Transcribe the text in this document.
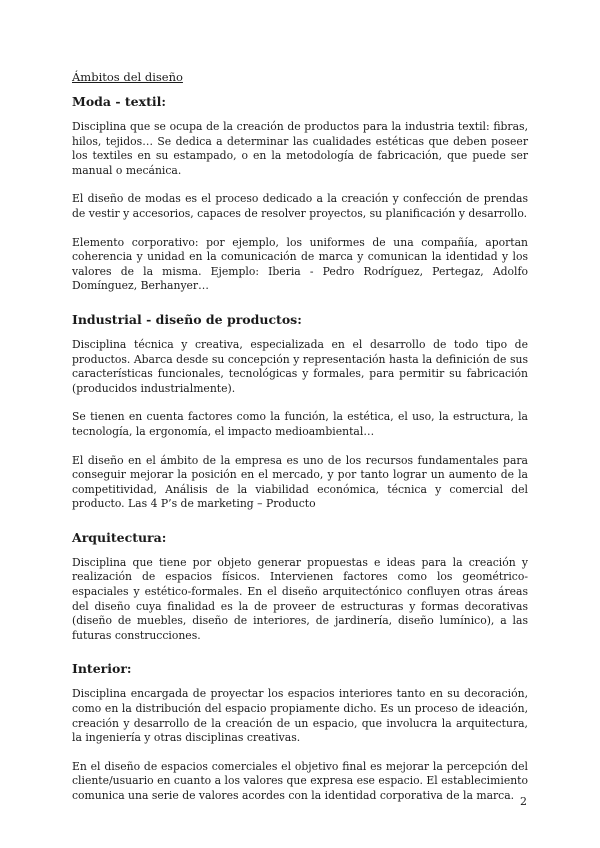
Ámbitos del diseño
Moda - textil:

Disciplina que se ocupa de la creación de productos para la industria textil: fibras, hilos, tejidos… Se dedica a determinar las cualidades estéticas que deben poseer los textiles en su estampado, o en la metodología de fabricación, que puede ser manual o mecánica.

El diseño de modas es el proceso dedicado a la creación y confección de prendas de vestir y accesorios, capaces de resolver proyectos, su planificación y desarrollo.

Elemento corporativo: por ejemplo, los uniformes de una compañía, aportan coherencia y unidad en la comunicación de marca y comunican la identidad y los valores de la misma. Ejemplo: Iberia - Pedro Rodríguez, Pertegaz, Adolfo Domínguez, Berhanyer…

Industrial - diseño de productos:

Disciplina técnica y creativa, especializada en el desarrollo de todo tipo de productos. Abarca desde su concepción y representación hasta la definición de sus características funcionales, tecnológicas y formales, para permitir su fabricación (producidos industrialmente).

Se tienen en cuenta factores como la función, la estética, el uso, la estructura, la tecnología, la ergonomía, el impacto medioambiental…

El diseño en el ámbito de la empresa es uno de los recursos fundamentales para conseguir mejorar la posición en el mercado, y por tanto lograr un aumento de la competitividad, Análisis de la viabilidad económica, técnica y comercial del producto. Las 4 P’s de marketing – Producto

Arquitectura:

Disciplina que tiene por objeto generar propuestas e ideas para la creación y realización de espacios físicos. Intervienen factores como los geométrico-espaciales y estético-formales. En el diseño arquitectónico confluyen otras áreas del diseño cuya finalidad es la de proveer de estructuras y formas decorativas (diseño de muebles, diseño de interiores, de jardinería, diseño lumínico), a las futuras construcciones.

Interior:

Disciplina encargada de proyectar los espacios interiores tanto en su decoración, como en la distribución del espacio propiamente dicho. Es un proceso de ideación, creación y desarrollo de la creación de un espacio, que involucra la arquitectura, la ingeniería y otras disciplinas creativas.

En el diseño de espacios comerciales el objetivo final es mejorar la percepción del cliente/usuario en cuanto a los valores que expresa ese espacio. El establecimiento comunica una serie de valores acordes con la identidad corporativa de la marca. 2
